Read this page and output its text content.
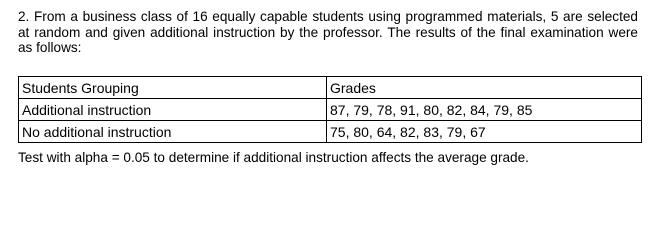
2. From a business class of 16 equally capable students using programmed materials, 5 are selected at random and given additional instruction by the professor. The results of the final examination were as follows:

Students Grouping	Grades
Additional instruction	87, 79, 78, 91, 80, 82, 84, 79, 85
No additional instruction	75, 80, 64, 82, 83, 79, 67
Test with alpha = 0.05 to determine if additional instruction affects the average grade.
